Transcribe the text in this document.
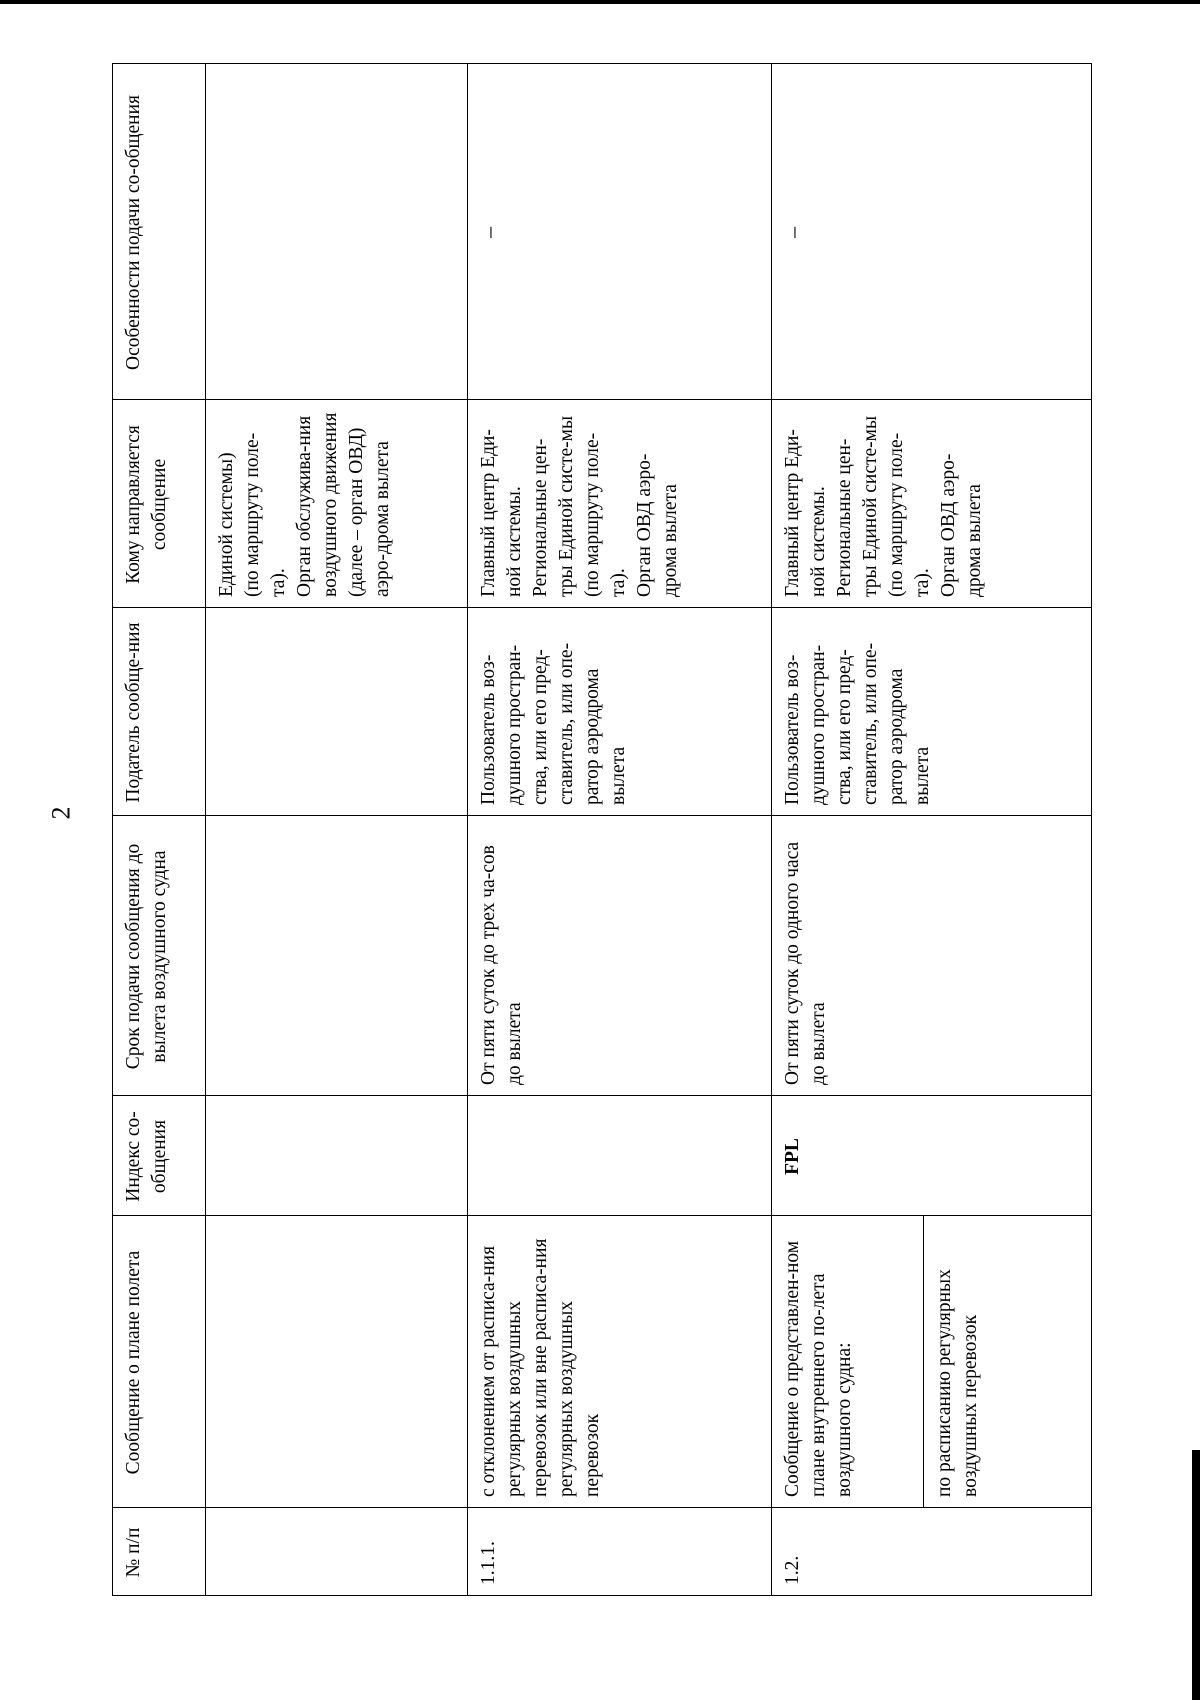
2
№ п/п	Сообщение о плане полета	Индекс со-общения	Срок подачи сообщения до вылета воздушного судна	Податель сообще-ния	Кому направляется сообщение	Особенности подачи со-общения

					Единой системы) (по маршруту поле-та). Орган обслужива-ния воздушного движения (далее – орган ОВД) аэро-дрома вылета	

1.1.1.	с отклонением от расписа-ния регулярных воздушных перевозок или вне расписа-ния регулярных воздушных перевозок		От пяти суток до трех ча-сов до вылета	Пользователь воз-душного простран-ства, или его пред-ставитель, или опе-ратор аэродрома вылета	Главный центр Еди-ной системы. Региональные цен-тры Единой систе-мы (по маршруту поле-та). Орган ОВД аэро-дрома вылета	–
1.2.	Сообщение о представлен-ном плане внутреннего по-лета воздушного судна:	FPL	От пяти суток до одного часа до вылета	Пользователь воз-душного простран-ства, или его пред-ставитель, или опе-ратор аэродрома вылета	Главный центр Еди-ной системы. Региональные цен-тры Единой систе-мы (по маршруту поле-та). Орган ОВД аэро-дрома вылета	–
	по расписанию регулярных воздушных перевозок					
